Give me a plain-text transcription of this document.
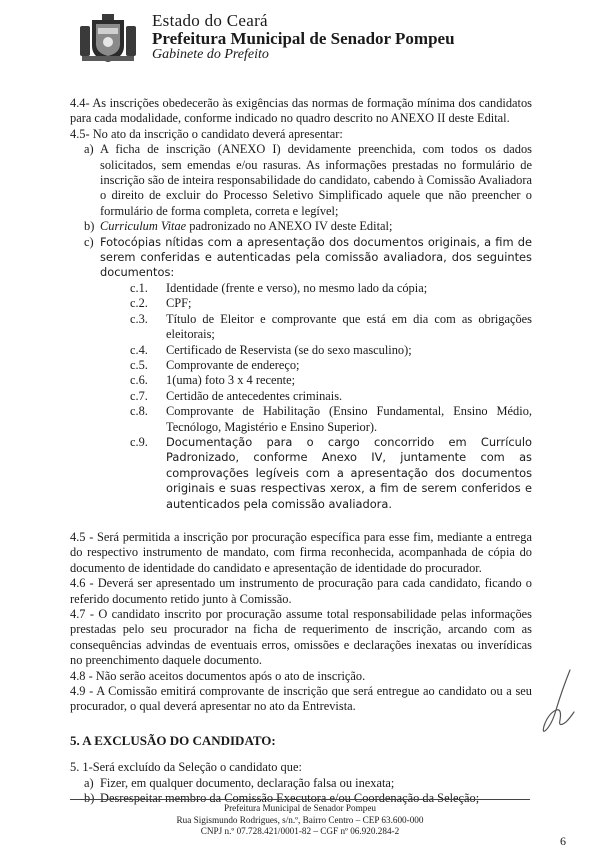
Estado do Ceará
Prefeitura Municipal de Senador Pompeu
Gabinete do Prefeito

4.4- As inscrições obedecerão às exigências das normas de formação mínima dos candidatos para cada modalidade, conforme indicado no quadro descrito no ANEXO II deste Edital.

4.5- No ato da inscrição o candidato deverá apresentar:

a) A ficha de inscrição (ANEXO I) devidamente preenchida, com todos os dados solicitados, sem emendas e/ou rasuras. As informações prestadas no formulário de inscrição são de inteira responsabilidade do candidato, cabendo à Comissão Avaliadora o direito de excluir do Processo Seletivo Simplificado aquele que não preencher o formulário de forma completa, correta e legível;

b) Curriculum Vitae padronizado no ANEXO IV deste Edital;

c) Fotocópias nítidas com a apresentação dos documentos originais, a fim de serem conferidas e autenticadas pela comissão avaliadora, dos seguintes documentos:

c.1.	Identidade (frente e verso), no mesmo lado da cópia;

c.2.	CPF;

c.3.	Título de Eleitor e comprovante que está em dia com as obrigações eleitorais;

c.4.	Certificado de Reservista (se do sexo masculino);

c.5.	Comprovante de endereço;

c.6.	1(uma) foto 3 x 4 recente;

c.7.	Certidão de antecedentes criminais.

c.8.	Comprovante de Habilitação (Ensino Fundamental, Ensino Médio, Tecnólogo, Magistério e Ensino Superior).

c.9.	Documentação para o cargo concorrido em Currículo Padronizado, conforme Anexo IV, juntamente com as comprovações legíveis com a apresentação dos documentos originais e suas respectivas xerox, a fim de serem conferidos e autenticados pela comissão avaliadora.

4.5 - Será permitida a inscrição por procuração específica para esse fim, mediante a entrega do respectivo instrumento de mandato, com firma reconhecida, acompanhada de cópia do documento de identidade do candidato e apresentação de identidade do procurador.

4.6 - Deverá ser apresentado um instrumento de procuração para cada candidato, ficando o referido documento retido junto à Comissão.

4.7 - O candidato inscrito por procuração assume total responsabilidade pelas informações prestadas pelo seu procurador na ficha de requerimento de inscrição, arcando com as consequências advindas de eventuais erros, omissões e declarações inexatas ou inverídicas no preenchimento daquele documento.

4.8 - Não serão aceitos documentos após o ato de inscrição.

4.9 - A Comissão emitirá comprovante de inscrição que será entregue ao candidato ou a seu procurador, o qual deverá apresentar no ato da Entrevista.

5. A EXCLUSÃO DO CANDIDATO:

5. 1-Será excluído da Seleção o candidato que:

a) Fizer, em qualquer documento, declaração falsa ou inexata;

b) Desrespeitar membro da Comissão Executora e/ou Coordenação da Seleção;

Prefeitura Municipal de Senador Pompeu
Rua Sigismundo Rodrigues, s/n.º, Bairro Centro – CEP 63.600-000
CNPJ n.º 07.728.421/0001-82 – CGF nº 06.920.284-2
6
